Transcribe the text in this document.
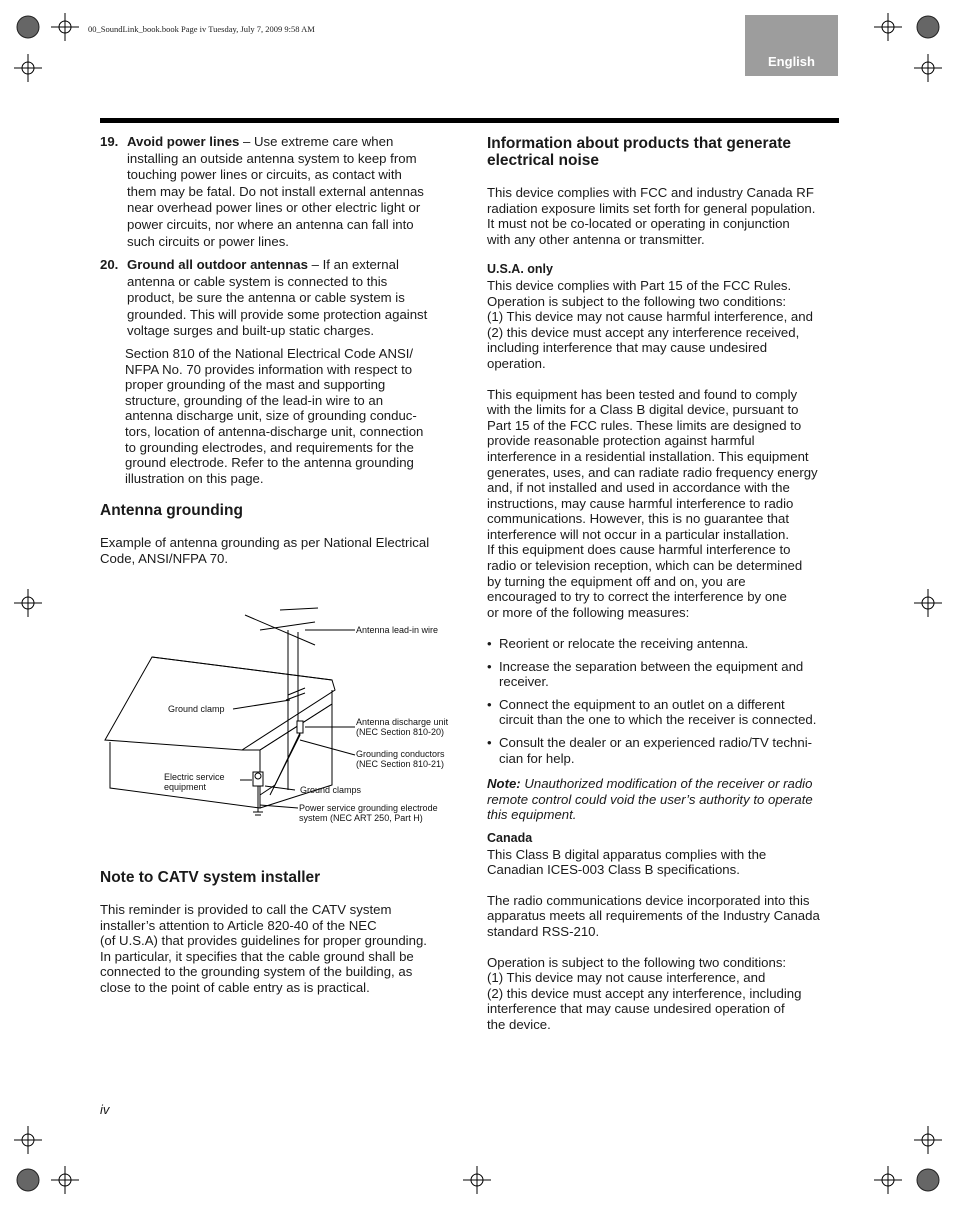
00_SoundLink_book.book Page iv Tuesday, July 7, 2009 9:58 AM
English
19. Avoid power lines – Use extreme care when

installing an outside antenna system to keep from

touching power lines or circuits, as contact with

them may be fatal. Do not install external antennas

near overhead power lines or other electric light or

power circuits, nor where an antenna can fall into

such circuits or power lines.

20. Ground all outdoor antennas – If an external

antenna or cable system is connected to this

product, be sure the antenna or cable system is

grounded. This will provide some protection against

voltage surges and built-up static charges.

Section 810 of the National Electrical Code ANSI/

NFPA No. 70 provides information with respect to

proper grounding of the mast and supporting

structure, grounding of the lead-in wire to an

antenna discharge unit, size of grounding conduc-

tors, location of antenna-discharge unit, connection

to grounding electrodes, and requirements for the

ground electrode. Refer to the antenna grounding

illustration on this page.

Antenna grounding

Example of antenna grounding as per National Electrical

Code, ANSI/NFPA 70.

Antenna lead-in wire
Ground clamp
Antenna discharge unit
(NEC Section 810-20)
Grounding conductors
(NEC Section 810-21)
Electric service
equipment	Ground clamps
Power service grounding electrode
system (NEC ART 250, Part H)
Note to CATV system installer

This reminder is provided to call the CATV system

installer’s attention to Article 820-40 of the NEC

(of U.S.A) that provides guidelines for proper grounding.

In particular, it specifies that the cable ground shall be

connected to the grounding system of the building, as

close to the point of cable entry as is practical.

Information about products that generate
electrical noise

This device complies with FCC and industry Canada RF

radiation exposure limits set forth for general population.

It must not be co-located or operating in conjunction

with any other antenna or transmitter.

U.S.A. only

This device complies with Part 15 of the FCC Rules.

Operation is subject to the following two conditions:

(1) This device may not cause harmful interference, and

(2) this device must accept any interference received,

including interference that may cause undesired

operation.

This equipment has been tested and found to comply

with the limits for a Class B digital device, pursuant to

Part 15 of the FCC rules. These limits are designed to

provide reasonable protection against harmful

interference in a residential installation. This equipment

generates, uses, and can radiate radio frequency energy

and, if not installed and used in accordance with the

instructions, may cause harmful interference to radio

communications. However, this is no guarantee that

interference will not occur in a particular installation.

If this equipment does cause harmful interference to

radio or television reception, which can be determined

by turning the equipment off and on, you are

encouraged to try to correct the interference by one

or more of the following measures:

• Reorient or relocate the receiving antenna.

• Increase the separation between the equipment and

receiver.

• Connect the equipment to an outlet on a different

circuit than the one to which the receiver is connected.

• Consult the dealer or an experienced radio/TV techni-

cian for help.

Note: Unauthorized modification of the receiver or radio

remote control could void the user’s authority to operate

this equipment.

Canada

This Class B digital apparatus complies with the

Canadian ICES-003 Class B specifications.

The radio communications device incorporated into this

apparatus meets all requirements of the Industry Canada

standard RSS-210.

Operation is subject to the following two conditions:

(1) This device may not cause interference, and

(2) this device must accept any interference, including

interference that may cause undesired operation of

the device.

iv
